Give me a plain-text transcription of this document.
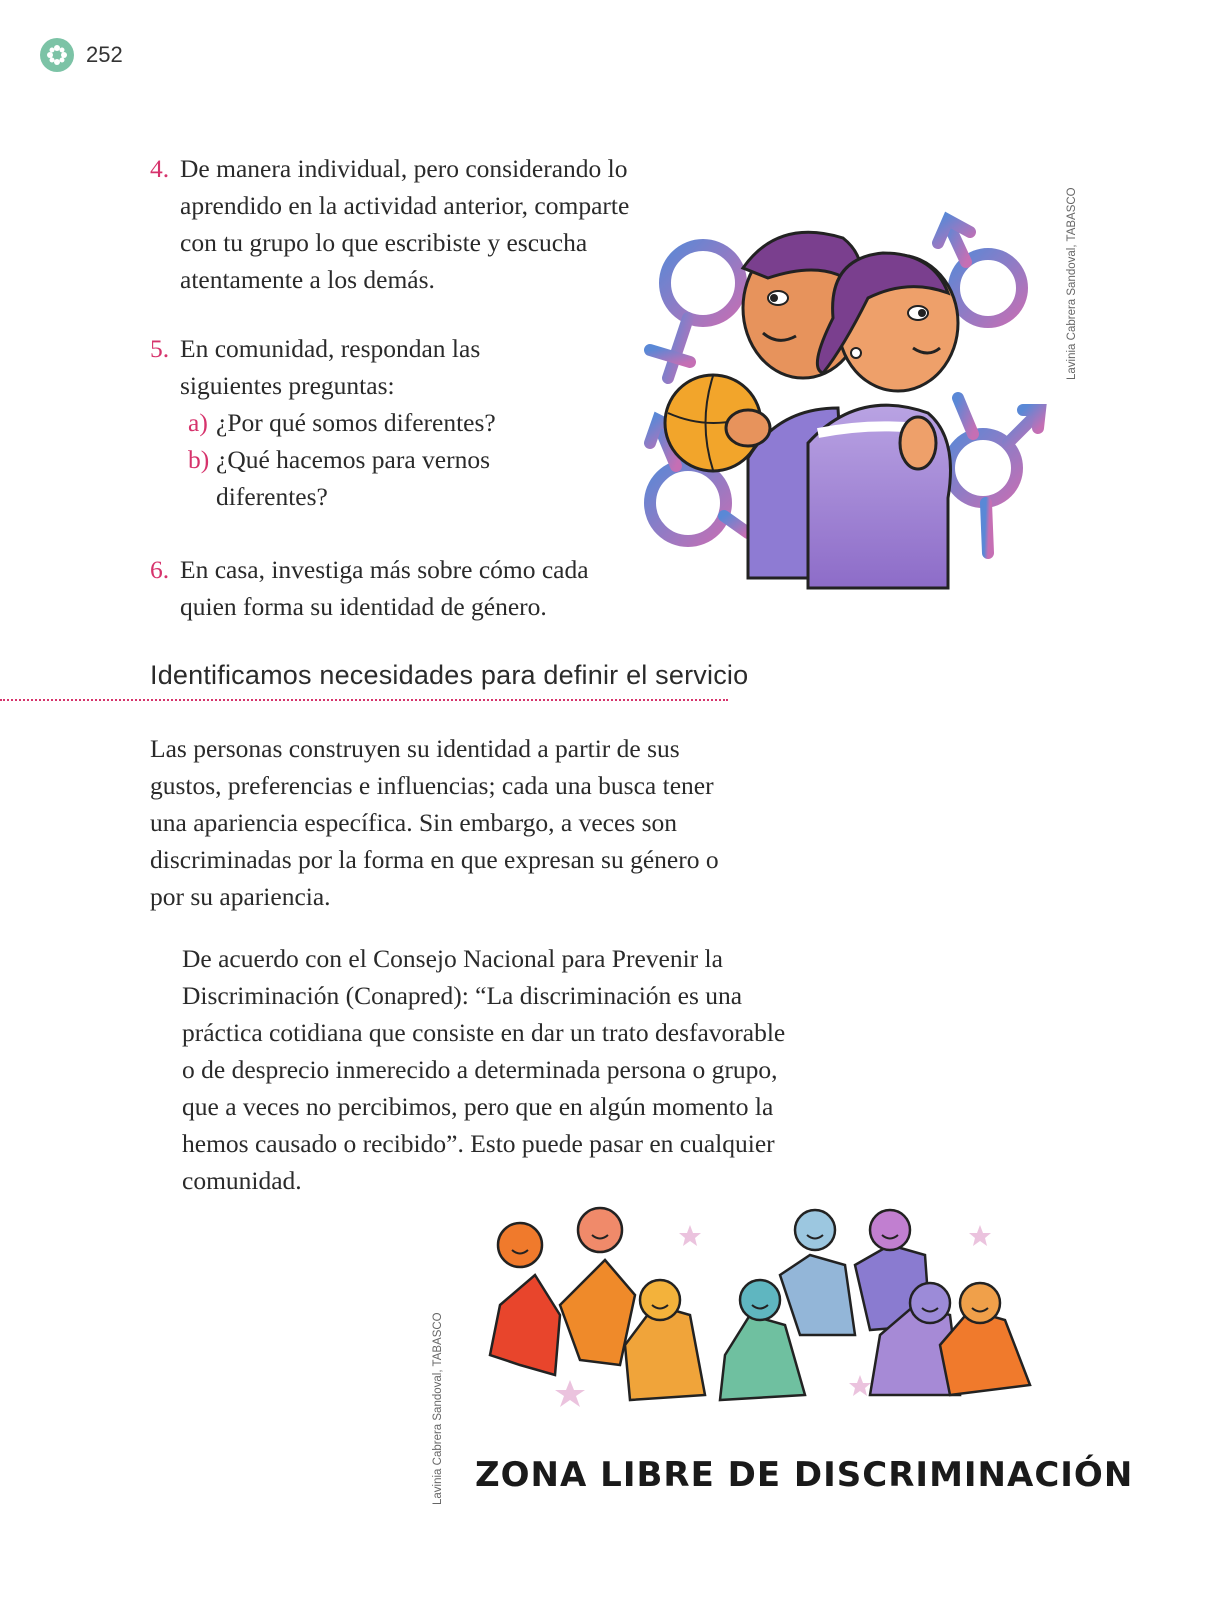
252
4. De manera individual, pero considerando lo
aprendido en la actividad anterior, comparte
con tu grupo lo que escribiste y escucha
atentamente a los demás.
5. En comunidad, respondan las
siguientes preguntas:
a) ¿Por qué somos diferentes?
b) ¿Qué hacemos para vernos
diferentes?
6. En casa, investiga más sobre cómo cada
quien forma su identidad de género.
Lavinia Cabrera Sandoval, TABASCO
Identificamos necesidades para definir el servicio
Las personas construyen su identidad a partir de sus
gustos, preferencias e influencias; cada una busca tener
una apariencia específica. Sin embargo, a veces son
discriminadas por la forma en que expresan su género o
por su apariencia.
De acuerdo con el Consejo Nacional para Prevenir la
Discriminación (Conapred): “La discriminación es una
práctica cotidiana que consiste en dar un trato desfavorable
o de desprecio inmerecido a determinada persona o grupo,
que a veces no percibimos, pero que en algún momento la
hemos causado o recibido”. Esto puede pasar en cualquier
comunidad.
Lavinia Cabrera Sandoval, TABASCO ZONA LIBRE DE DISCRIMINACIÓN
